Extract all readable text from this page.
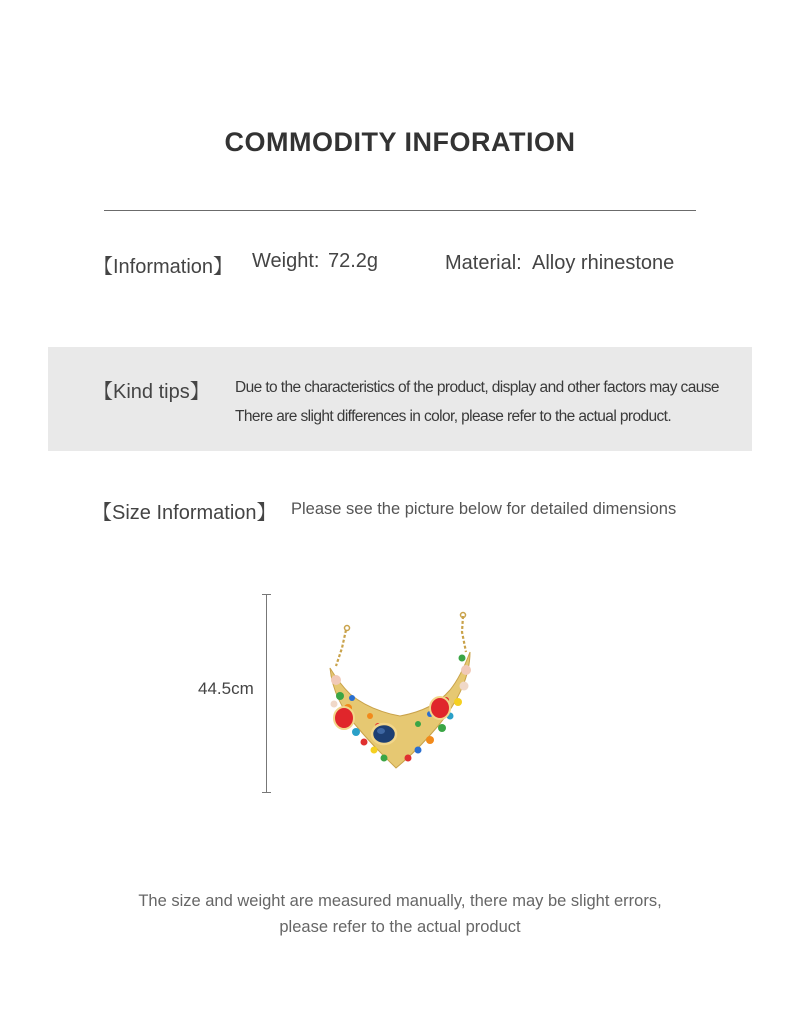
COMMODITY INFORATION
【Information】 Weight: 72.2g	Material: Alloy rhinestone
【Kind tips】 Due to the characteristics of the product, display and other factors may cause
There are slight differences in color, please refer to the actual product.
【Size Information】 Please see the picture below for detailed dimensions
44.5cm
The size and weight are measured manually, there may be slight errors,
please refer to the actual product
